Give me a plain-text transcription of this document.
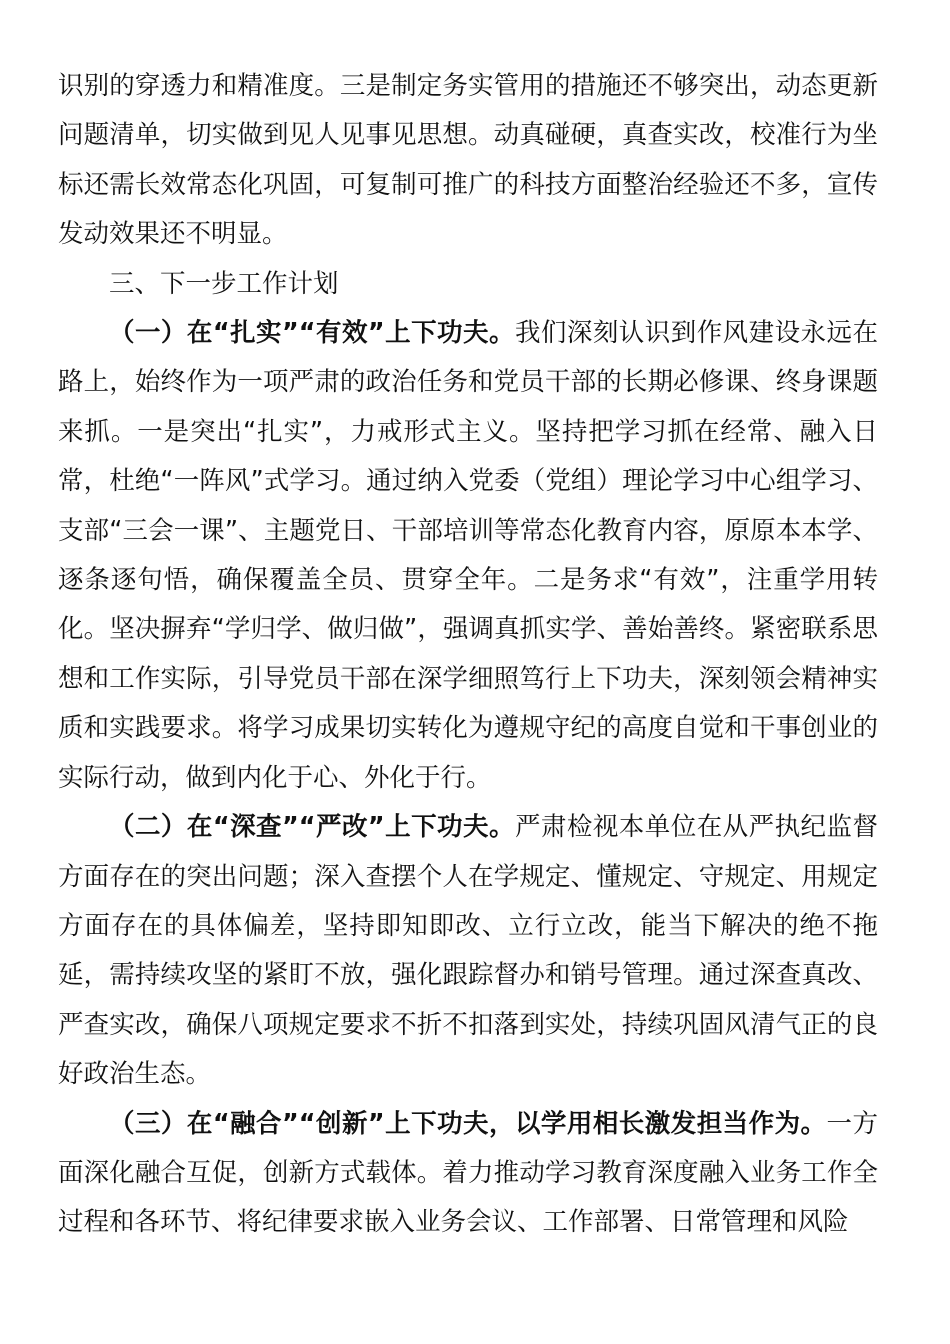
识别的穿透力和精准度。三是制定务实管用的措施还不够突出，动态更新问题清单，切实做到见人见事见思想。动真碰硬，真查实改，校准行为坐标还需长效常态化巩固，可复制可推广的科技方面整治经验还不多，宣传发动效果还不明显。

三、下一步工作计划

（一）在“扎实”“有效”上下功夫。我们深刻认识到作风建设永远在路上，始终作为一项严肃的政治任务和党员干部的长期必修课、终身课题来抓。一是突出“扎实”，力戒形式主义。坚持把学习抓在经常、融入日常，杜绝“一阵风”式学习。通过纳入党委（党组）理论学习中心组学习、支部“三会一课”、主题党日、干部培训等常态化教育内容，原原本本学、逐条逐句悟，确保覆盖全员、贯穿全年。二是务求“有效”，注重学用转化。坚决摒弃“学归学、做归做”，强调真抓实学、善始善终。紧密联系思想和工作实际，引导党员干部在深学细照笃行上下功夫，深刻领会精神实质和实践要求。将学习成果切实转化为遵规守纪的高度自觉和干事创业的实际行动，做到内化于心、外化于行。

（二）在“深查”“严改”上下功夫。严肃检视本单位在从严执纪监督方面存在的突出问题；深入查摆个人在学规定、懂规定、守规定、用规定方面存在的具体偏差，坚持即知即改、立行立改，能当下解决的绝不拖延，需持续攻坚的紧盯不放，强化跟踪督办和销号管理。通过深查真改、严查实改，确保八项规定要求不折不扣落到实处，持续巩固风清气正的良好政治生态。

（三）在“融合”“创新”上下功夫，以学用相长激发担当作为。一方面深化融合互促，创新方式载体。着力推动学习教育深度融入业务工作全过程和各环节、将纪律要求嵌入业务会议、工作部署、日常管理和风险
